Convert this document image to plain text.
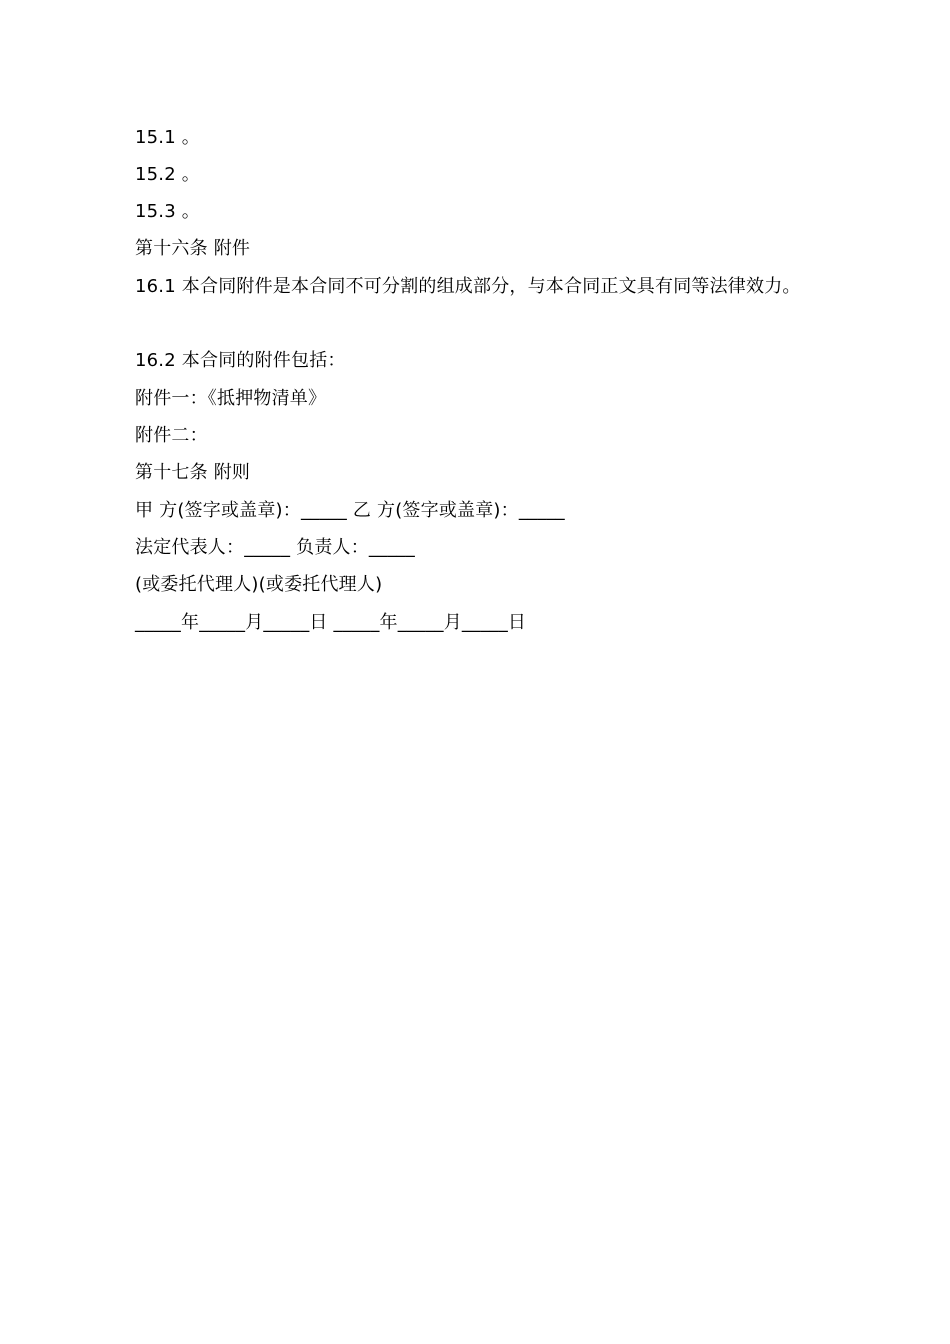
15.1 。
15.2 。
15.3 。
第十六条 附件
16.1 本合同附件是本合同不可分割的组成部分，与本合同正文具有同等法律效力。
16.2 本合同的附件包括：
附件一：《抵押物清单》
附件二：
第十七条 附则
甲 方(签字或盖章)：_____ 乙 方(签字或盖章)：_____
法定代表人：_____ 负责人：_____
(或委托代理人)(或委托代理人)
_____年_____月_____日 _____年_____月_____日
